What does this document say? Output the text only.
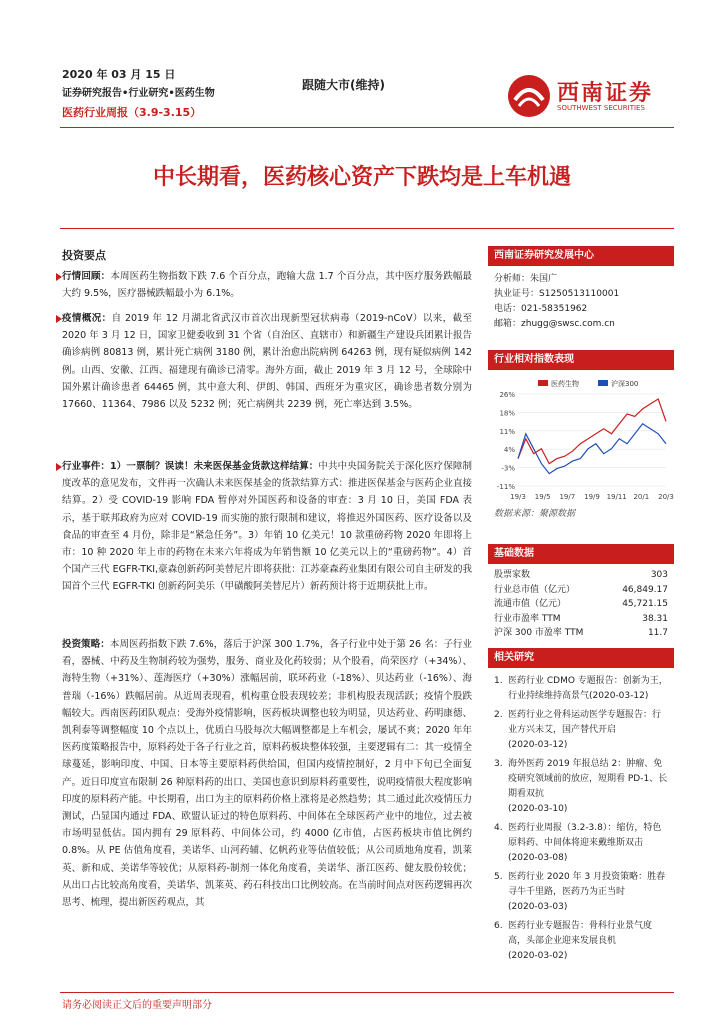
2020 年 03 月 15 日
证券研究报告•行业研究•医药生物
医药行业周报（3.9-3.15）
跟随大市(维持)	西南证券
SOUTHWEST SECURITIES
中长期看，医药核心资产下跌均是上车机遇
投资要点
行情回顾：本周医药生物指数下跌 7.6 个百分点，跑输大盘 1.7 个百分点，其中医疗服务跌幅最大约 9.5%，医疗器械跌幅最小为 6.1%。
疫情概况：自 2019 年 12 月湖北省武汉市首次出现新型冠状病毒（2019-nCoV）以来，截至 2020 年 3 月 12 日，国家卫健委收到 31 个省（自治区、直辖市）和新疆生产建设兵团累计报告确诊病例 80813 例，累计死亡病例 3180 例，累计治愈出院病例 64263 例，现有疑似病例 142 例。山西、安徽、江西、福建现有确诊已清零。海外方面，截止 2019 年 3 月 12 号，全球除中国外累计确诊患者 64465 例，其中意大利、伊朗、韩国、西班牙为重灾区，确诊患者数分别为 17660、11364、7986 以及 5232 例；死亡病例共 2239 例，死亡率达到 3.5%。
行业事件：1）一票制？误读！未来医保基金货款这样结算：中共中央国务院关于深化医疗保障制度改革的意见发布，文件再一次确认未来医保基金的货款结算方式：推进医保基金与医药企业直接结算。2）受 COVID-19 影响 FDA 暂停对外国医药和设备的审查：3 月 10 日，美国 FDA 表示，基于联邦政府为应对 COVID-19 而实施的旅行限制和建议，将推迟外国医药、医疗设备以及食品的审查至 4 月份，除非是“紧急任务”。3）年销 10 亿美元！10 款重磅药物 2020 年即将上市：10 种 2020 年上市的药物在未来六年将成为年销售额 10 亿美元以上的“重磅药物”。4）首个国产三代 EGFR-TKI,豪森创新药阿美替尼片即将获批：江苏豪森药业集团有限公司自主研发的我国首个三代 EGFR-TKI 创新药阿美乐（甲磺酸阿美替尼片）新药预计将于近期获批上市。
投资策略：本周医药指数下跌 7.6%，落后于沪深 300 1.7%，各子行业中处于第 26 名：子行业看，器械、中药及生物制药较为强势，服务、商业及化药较弱；从个股看，尚荣医疗（+34%）、海特生物（+31%）、莲海医疗（+30%）涨幅居前，联环药业（-18%）、贝达药业（-16%）、海普瑞（-16%）跌幅居前。从近周表现看，机构重仓股表现较差；非机构股表现活跃；疫情个股跌幅较大。西南医药团队观点：受海外疫情影响，医药板块调整也较为明显，贝达药业、药明康德、凯利泰等调整幅度 10 个点以上，优质白马股每次大幅调整都是上车机会，屡试不爽；2020 年年医药度策略报告中，原料药处于各子行业之首，原料药板块整体较强，主要逻辑有二：其一疫情全球蔓延，影响印度、中国、日本等主要原料药供给国，但国内疫情控制好，2 月中下旬已全面复产。近日印度宣布限制 26 种原料药的出口、美国也意识到原料药重要性，说明疫情很大程度影响印度的原料药产能。中长期看，出口为主的原料药价格上涨将是必然趋势；其二通过此次疫情压力测试，凸显国内通过 FDA、欧盟认证过的特色原料药、中间体在全球医药产业中的地位，过去被市场明显低估。国内拥有 29 原料药、中间体公司，约 4000 亿市值，占医药板块市值比例约 0.8%。从 PE 估值角度看，美诺华、山河药辅、亿帆药业等估值较低；从公司质地角度看，凯莱英、新和成、美诺华等较优；从原料药-制剂一体化角度看，美诺华、浙江医药、健友股份较优；从出口占比较高角度看，美诺华、凯莱英、药石科技出口比例较高。在当前时间点对医药逻辑再次思考、梳理，提出新医药观点，其
西南证券研究发展中心
分析师：朱国广
执业证号：S1250513110001
电话：021-58351962
邮箱：zhugg@swsc.com.cn
行业相对指数表现
26%
18%
11%
4%
-3%
-11%
19/3 19/5 19/7 19/9 19/11 20/1 20/3
医药生物	沪深300
数据来源：聚源数据
基础数据
股票家数	303
行业总市值（亿元）	46,849.17
流通市值（亿元）	45,721.15
行业市盈率 TTM	38.31
沪深 300 市盈率 TTM	11.7
相关研究
1. 医药行业 CDMO 专题报告：创新为王，行业持续维持高景气(2020-03-12)
2. 医药行业之骨科运动医学专题报告：行业方兴未艾，国产替代开启
(2020-03-12)
3. 海外医药 2019 年报总结 2：肿瘤、免疫研究领域前的放应，短期看 PD-1、长期看双抗
(2020-03-10)
4. 医药行业周报（3.2-3.8）：缩仿，特色原料药、中间体将迎来戴维斯双击
(2020-03-08)
5. 医药行业 2020 年 3 月投资策略：胜春寻牛千里路，医药乃为正当时
(2020-03-03)
6. 医药行业专题报告：骨科行业景气度高，头部企业迎来发展良机
(2020-03-02)
请务必阅读正文后的重要声明部分
